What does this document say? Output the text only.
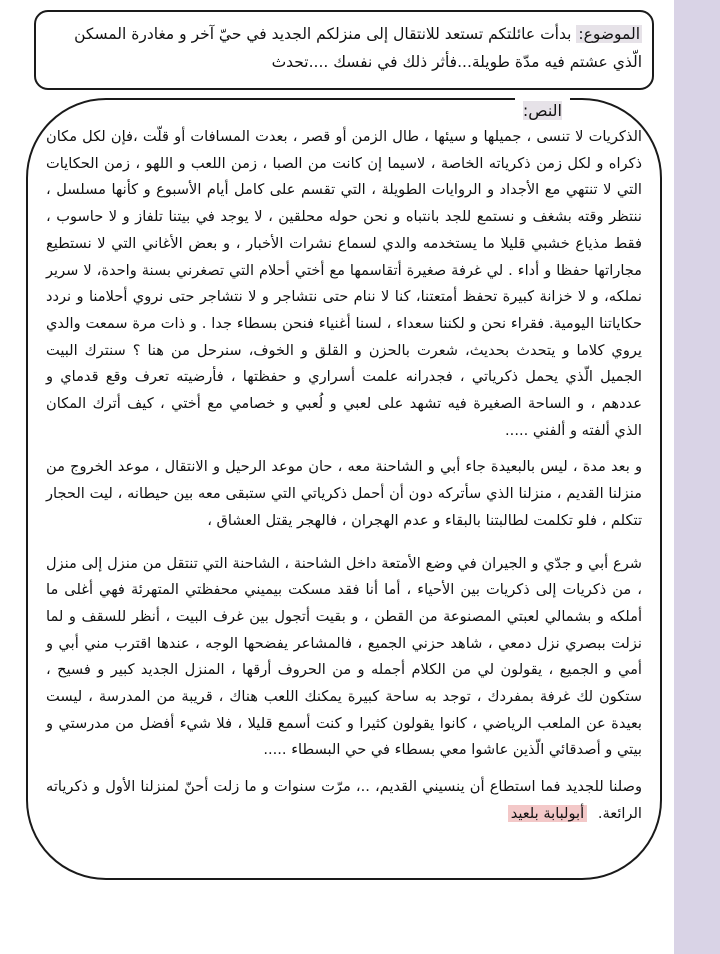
الموضوع: بدأت عائلتكم تستعد للانتقال إلى منزلكم الجديد في حيّ آخر و مغادرة المسكن الّذي عشتم فيه مدّة طويلة...فأثر ذلك في نفسك ....تحدث
النص:

الذكريات لا تنسى ، جميلها و سيئها ، طال الزمن أو قصر ، بعدت المسافات أو قلّت ،فإن لكل مكان ذكراه و لكل زمن ذكرياته الخاصة ، لاسيما إن كانت من الصبا ، زمن اللعب و اللهو ، زمن الحكايات التي لا تنتهي مع الأجداد و الروايات الطويلة ، التي تقسم على كامل أيام الأسبوع و كأنها مسلسل ، ننتظر وقته بشغف و نستمع للجد بانتباه و نحن حوله محلقين ، لا يوجد في بيتنا تلفاز و لا حاسوب ، فقط مذياع خشبي قليلا ما يستخدمه والدي لسماع نشرات الأخبار ، و بعض الأغاني التي لا نستطيع مجاراتها حفظا و أداء . لي غرفة صغيرة أتقاسمها مع أختي أحلام التي تصغرني بسنة واحدة، لا سرير نملكه، و لا خزانة كبيرة تحفظ أمتعتنا، كنا لا ننام حتى نتشاجر و لا نتشاجر حتى نروي أحلامنا و نردد حكاياتنا اليومية. فقراء نحن و لكننا سعداء ، لسنا أغنياء فنحن بسطاء جدا . و ذات مرة سمعت والدي يروي كلاما و يتحدث بحديث، شعرت بالحزن و القلق و الخوف، سنرحل من هنا ؟ سنترك البيت الجميل الّذي يحمل ذكرياتي ، فجدرانه علمت أسراري و حفظتها ، فأرضيته تعرف وقع قدماي و عددهم ، و الساحة الصغيرة فيه تشهد على لعبي و لُعبي و خصامي مع أختي ، كيف أترك المكان الذي ألفته و ألفني .....

و بعد مدة ، ليس بالبعيدة جاء أبي و الشاحنة معه ، حان موعد الرحيل و الانتقال ، موعد الخروج من منزلنا القديم ، منزلنا الذي سأتركه دون أن أحمل ذكرياتي التي ستبقى معه بين حيطانه ، ليت الحجار تتكلم ، فلو تكلمت لطالبتنا بالبقاء و عدم الهجران ، فالهجر يقتل العشاق ،

شرع أبي و جدّي و الجيران في وضع الأمتعة داخل الشاحنة ، الشاحنة التي تنتقل من منزل إلى منزل ، من ذكريات إلى ذكريات بين الأحياء ، أما أنا فقد مسكت بيميني محفظتي المتهرئة فهي أغلى ما أملكه و بشمالي لعبتي المصنوعة من القطن ، و بقيت أتجول بين غرف البيت ، أنظر للسقف و لما نزلت ببصري نزل دمعي ، شاهد حزني الجميع ، فالمشاعر يفضحها الوجه ، عندها اقترب مني أبي و أمي و الجميع ، يقولون لي من الكلام أجمله و من الحروف أرقها ، المنزل الجديد كبير و فسيح ، ستكون لك غرفة بمفردك ، توجد به ساحة كبيرة يمكنك اللعب هناك ، قريبة من المدرسة ، ليست بعيدة عن الملعب الرياضي ، كانوا يقولون كثيرا و كنت أسمع قليلا ، فلا شيء أفضل من مدرستي و بيتي و أصدقائي الّذين عاشوا معي بسطاء في حي البسطاء .....

وصلنا للجديد فما استطاع أن ينسيني القديم، ..، مرّت سنوات و ما زلت أحنّ لمنزلنا الأول و ذكرياته الرائعة. أبولبابة بلعيد
